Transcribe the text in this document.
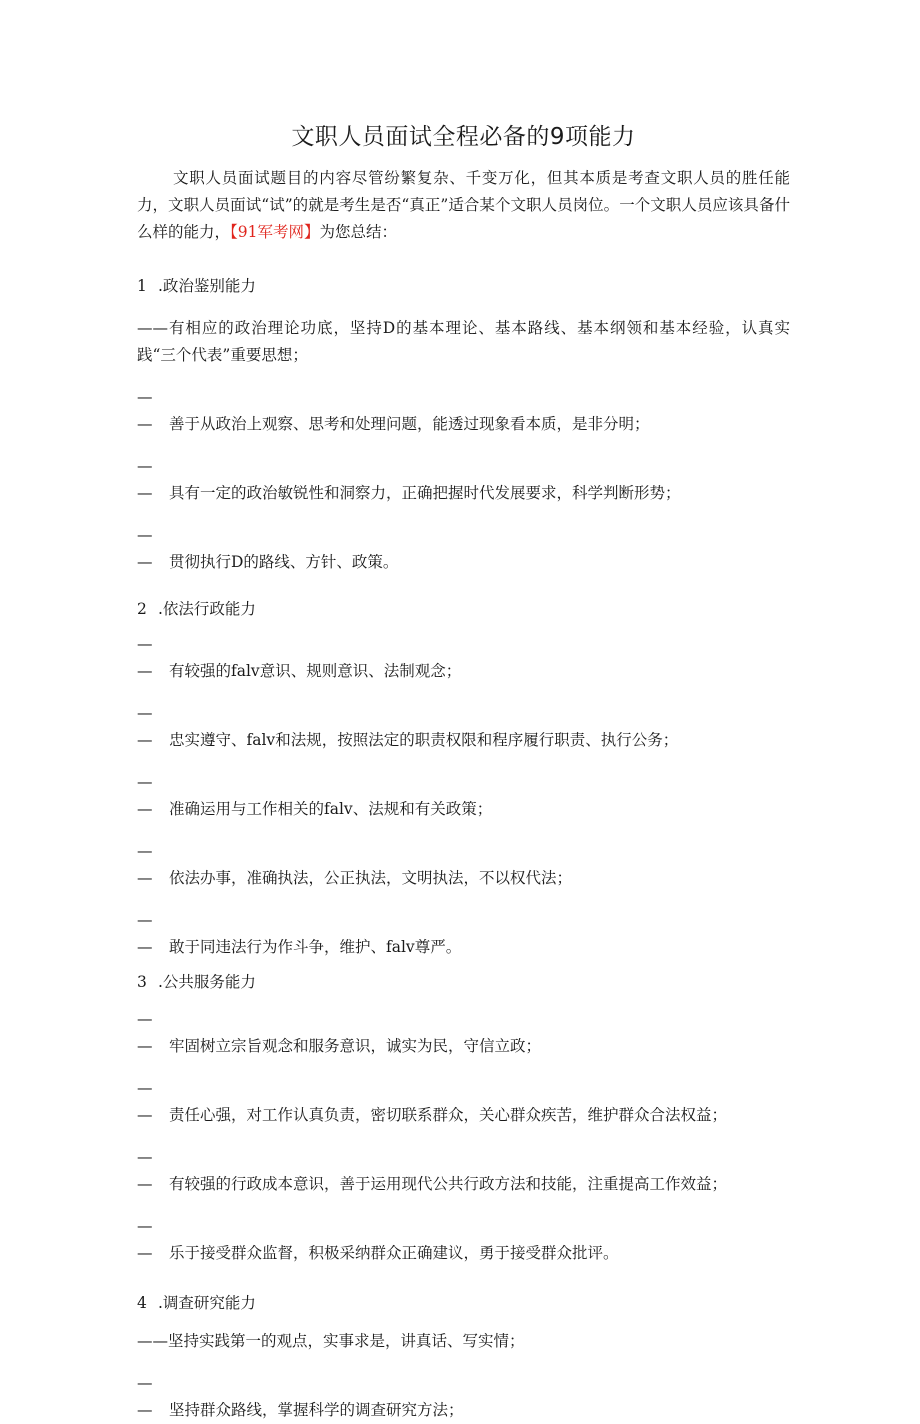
文职人员面试全程必备的9项能力

文职人员面试题目的内容尽管纷繁复杂、千变万化，但其本质是考查文职人员的胜任能力，文职人员面试“试”的就是考生是否“真正”适合某个文职人员岗位。一个文职人员应该具备什么样的能力，【91军考网】为您总结：

1 .政治鉴别能力

——有相应的政治理论功底，坚持D的基本理论、基本路线、基本纲领和基本经验，认真实践“三个代表”重要思想；

— — 善于从政治上观察、思考和处理问题，能透过现象看本质，是非分明；

— — 具有一定的政治敏锐性和洞察力，正确把握时代发展要求，科学判断形势；

— — 贯彻执行D的路线、方针、政策。

2 .依法行政能力

— — 有较强的falv意识、规则意识、法制观念；

— — 忠实遵守、falv和法规，按照法定的职责权限和程序履行职责、执行公务；

— — 准确运用与工作相关的falv、法规和有关政策；

— — 依法办事，准确执法，公正执法，文明执法，不以权代法；

— — 敢于同违法行为作斗争，维护、falv尊严。

3 .公共服务能力

— — 牢固树立宗旨观念和服务意识，诚实为民，守信立政；

— — 责任心强，对工作认真负责，密切联系群众，关心群众疾苦，维护群众合法权益；

— — 有较强的行政成本意识，善于运用现代公共行政方法和技能，注重提高工作效益；

— — 乐于接受群众监督，积极采纳群众正确建议，勇于接受群众批评。

4 .调查研究能力

——坚持实践第一的观点，实事求是，讲真话、写实情；

— — 坚持群众路线，掌握科学的调查研究方法；
